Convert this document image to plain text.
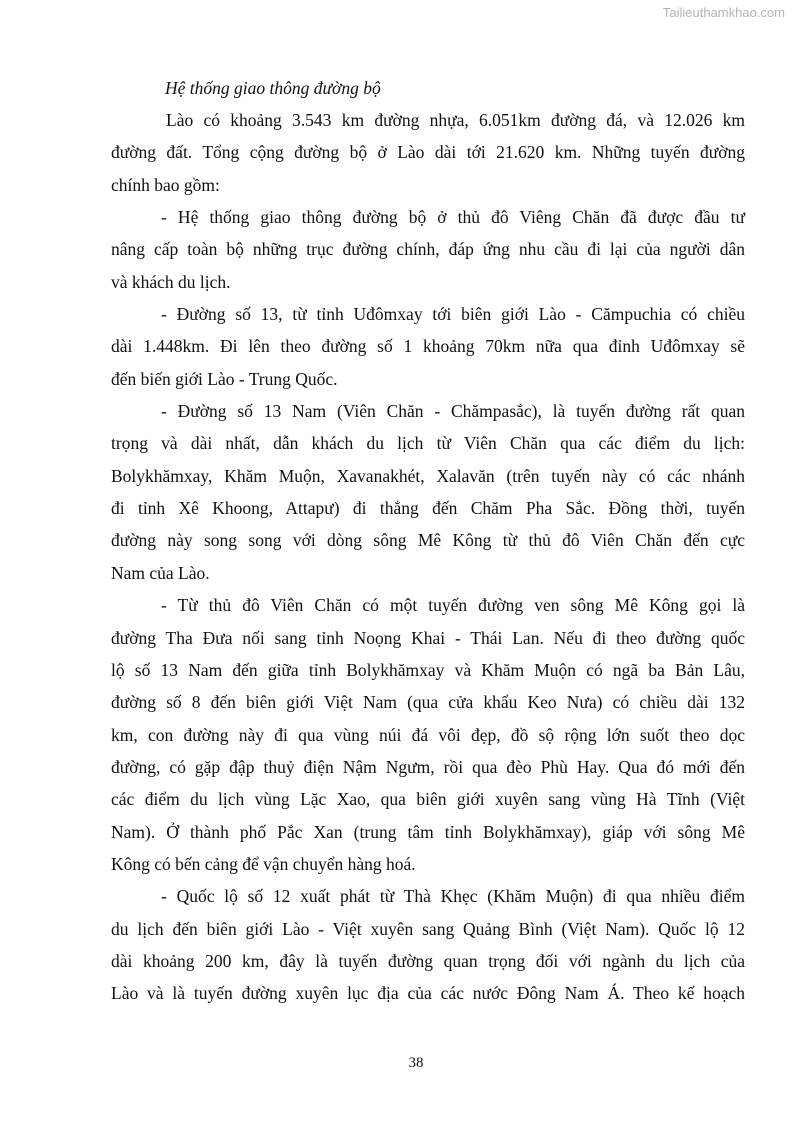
Tailieuthamkhao.com
Hệ thống giao thông đường bộ
Lào có khoảng 3.543 km đường nhựa, 6.051km đường đá, và 12.026 km
đường đất. Tổng cộng đường bộ ở Lào dài tới 21.620 km. Những tuyến đường
chính bao gồm:
- Hệ thống giao thông đường bộ ở thủ đô Viêng Chăn đã được đầu tư
nâng cấp toàn bộ những trục đường chính, đáp ứng nhu cầu đi lại của người dân
và khách du lịch.
- Đường số 13, từ tỉnh Uđômxay tới biên giới Lào - Cămpuchia có chiều
dài 1.448km. Đi lên theo đường số 1 khoảng 70km nữa qua đỉnh Uđômxay sẽ
đến biến giới Lào - Trung Quốc.
- Đường số 13 Nam (Viên Chăn - Chămpasắc), là tuyến đường rất quan
trọng và dài nhất, dẫn khách du lịch từ Viên Chăn qua các điểm du lịch:
Bolykhămxay, Khăm Muộn, Xavanakhét, Xalavăn (trên tuyến này có các nhánh
đi tỉnh Xê Khoong, Attapư) đi thẳng đến Chăm Pha Sắc. Đồng thời, tuyến
đường này song song với dòng sông Mê Kông từ thủ đô Viên Chăn đến cực
Nam của Lào.
- Từ thủ đô Viên Chăn có một tuyến đường ven sông Mê Kông gọi là
đường Tha Đưa nối sang tỉnh Noọng Khai - Thái Lan. Nếu đi theo đường quốc
lộ số 13 Nam đến giữa tỉnh Bolykhămxay và Khăm Muộn có ngã ba Bản Lâu,
đường số 8 đến biên giới Việt Nam (qua cửa khẩu Keo Nưa) có chiều dài 132
km, con đường này đi qua vùng núi đá vôi đẹp, đồ sộ rộng lớn suốt theo dọc
đường, có gặp đập thuỷ điện Nậm Ngưm, rồi qua đèo Phù Hay. Qua đó mới đến
các điểm du lịch vùng Lặc Xao, qua biên giới xuyên sang vùng Hà Tĩnh (Việt
Nam). Ở thành phố Pắc Xan (trung tâm tỉnh Bolykhămxay), giáp với sông Mê
Kông có bến cảng để vận chuyển hàng hoá.
- Quốc lộ số 12 xuất phát từ Thà Khẹc (Khăm Muộn) đi qua nhiều điểm
du lịch đến biên giới Lào - Việt xuyên sang Quảng Bình (Việt Nam). Quốc lộ 12
dài khoảng 200 km, đây là tuyến đường quan trọng đối với ngành du lịch của
Lào và là tuyến đường xuyên lục địa của các nước Đông Nam Á. Theo kế hoạch
38
